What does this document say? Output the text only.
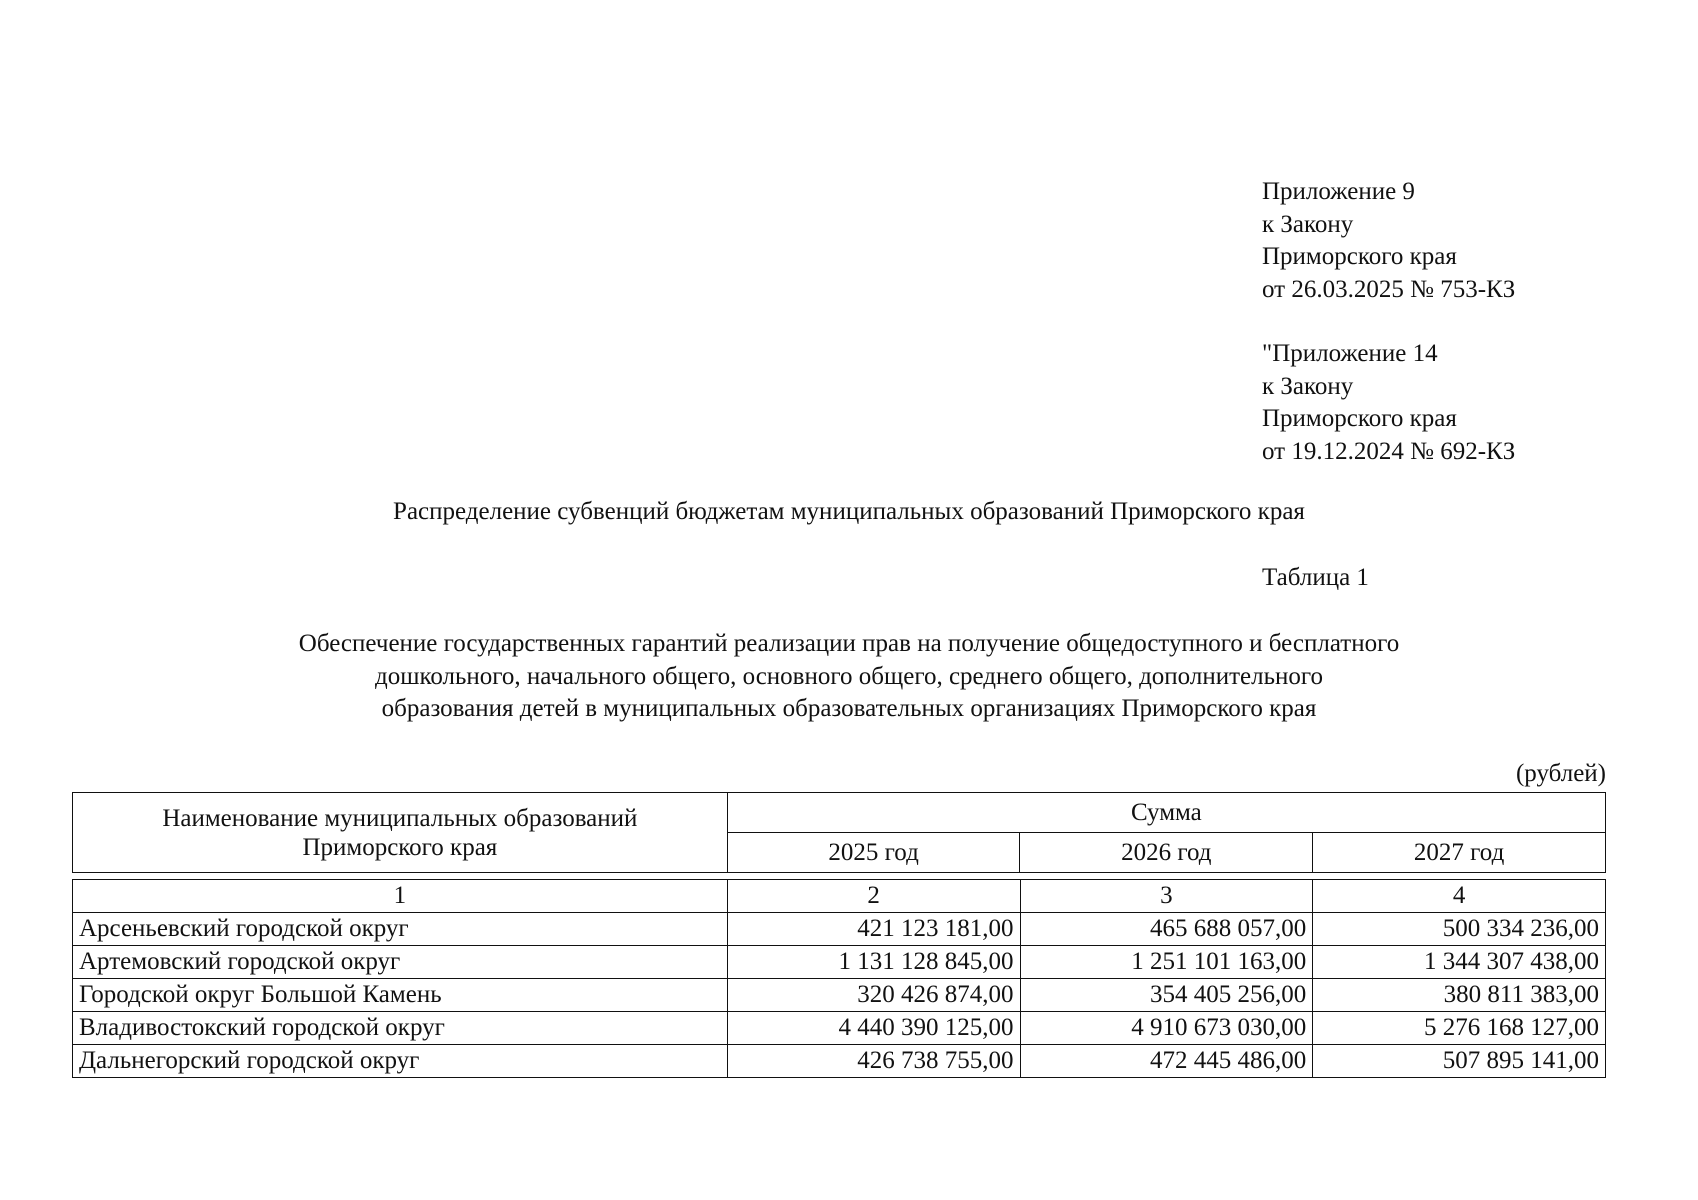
Приложение 9
к Закону
Приморского края
от 26.03.2025 № 753-КЗ
"Приложение 14
к Закону
Приморского края
от 19.12.2024 № 692-КЗ
Распределение субвенций бюджетам муниципальных образований Приморского края
Таблица 1
Обеспечение государственных гарантий реализации прав на получение общедоступного и бесплатного
дошкольного, начального общего, основного общего, среднего общего, дополнительного
образования детей в муниципальных образовательных организациях Приморского края
(рублей)
Наименование муниципальных образований
Приморского края	Сумма		
	2025 год	2026 год	2027 год
1	2	3	4
Арсеньевский городской округ	421 123 181,00	465 688 057,00	500 334 236,00
Артемовский городской округ	1 131 128 845,00	1 251 101 163,00	1 344 307 438,00
Городской округ Большой Камень	320 426 874,00	354 405 256,00	380 811 383,00
Владивостокский городской округ	4 440 390 125,00	4 910 673 030,00	5 276 168 127,00
Дальнегорский городской округ	426 738 755,00	472 445 486,00	507 895 141,00
